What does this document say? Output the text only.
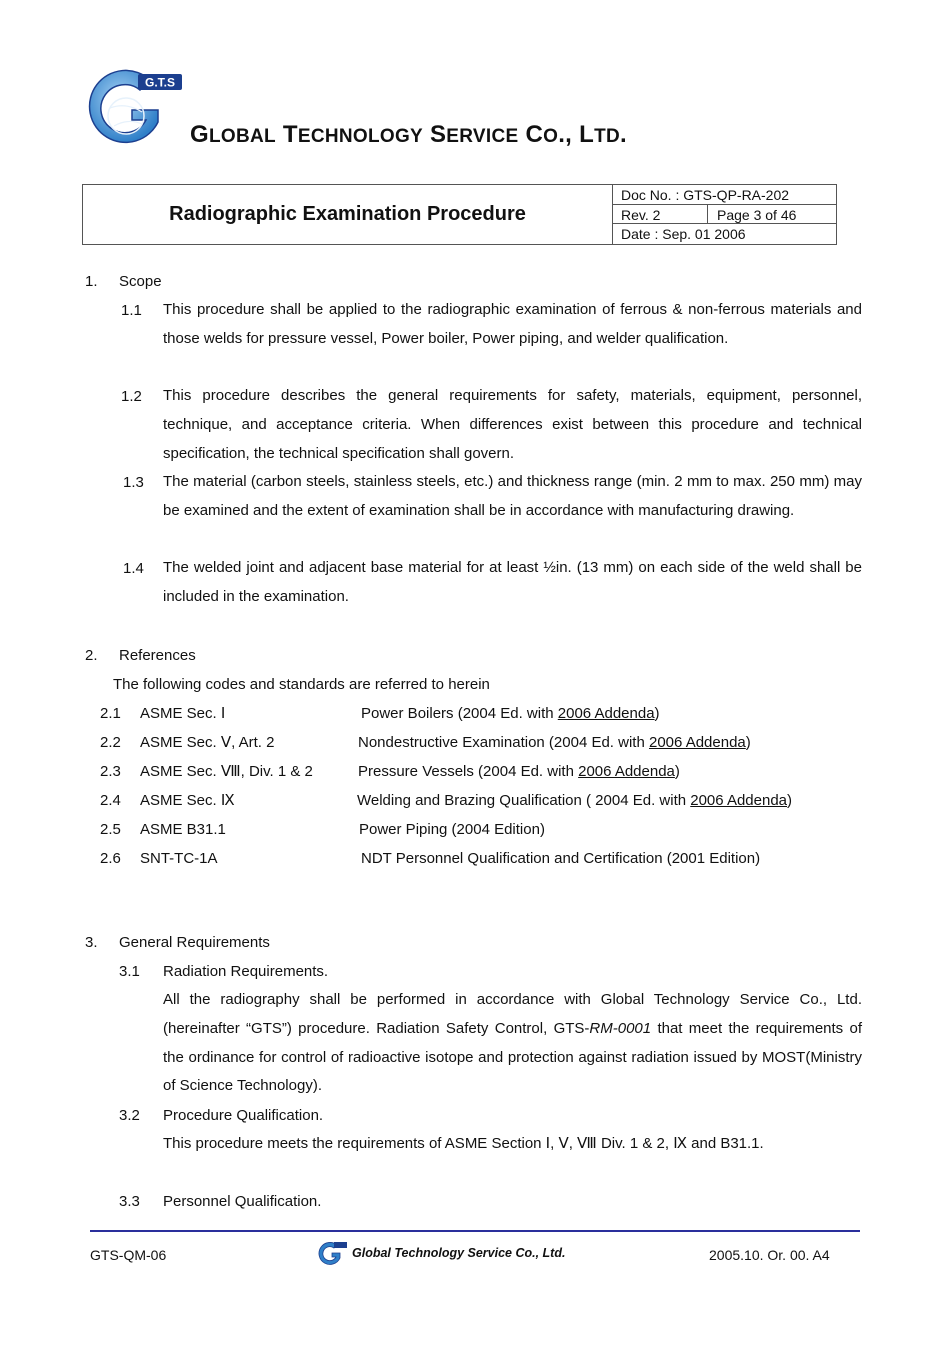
G.T.S
GLOBAL TECHNOLOGY SERVICE CO., LTD.
Radiographic Examination Procedure
Doc No. : GTS-QP-RA-202
Rev. 2	Page 3 of 46
Date : Sep. 01 2006
1. Scope
1.1 This procedure shall be applied to the radiographic examination of ferrous & non-ferrous materials and those welds for pressure vessel, Power boiler, Power piping, and welder qualification.
1.2 This procedure describes the general requirements for safety, materials, equipment, personnel, technique, and acceptance criteria. When differences exist between this procedure and technical specification, the technical specification shall govern.
1.3 The material (carbon steels, stainless steels, etc.) and thickness range (min. 2 mm to max. 250 mm) may be examined and the extent of examination shall be in accordance with manufacturing drawing.
1.4 The welded joint and adjacent base material for at least ½in. (13 mm) on each side of the weld shall be included in the examination.
2. References
The following codes and standards are referred to herein
2.1 ASME Sec. Ⅰ	Power Boilers (2004 Ed. with 2006 Addenda)
2.2 ASME Sec. Ⅴ, Art. 2	Nondestructive Examination (2004 Ed. with 2006 Addenda)
2.3 ASME Sec. Ⅷ, Div. 1 & 2	Pressure Vessels (2004 Ed. with 2006 Addenda)
2.4 ASME Sec. Ⅸ	Welding and Brazing Qualification ( 2004 Ed. with 2006 Addenda)
2.5 ASME B31.1	Power Piping (2004 Edition)
2.6 SNT-TC-1A	NDT Personnel Qualification and Certification (2001 Edition)
3. General Requirements
3.1 Radiation Requirements.
All the radiography shall be performed in accordance with Global Technology Service Co., Ltd. (hereinafter “GTS”) procedure. Radiation Safety Control, GTS-RM-0001 that meet the requirements of the ordinance for control of radioactive isotope and protection against radiation issued by MOST(Ministry of Science Technology).
3.2 Procedure Qualification.
This procedure meets the requirements of ASME Section Ⅰ, Ⅴ, Ⅷ Div. 1 & 2, Ⅸ and B31.1.
3.3 Personnel Qualification.
GTS-QM-06	Global Technology Service Co., Ltd.	2005.10. Or. 00. A4
